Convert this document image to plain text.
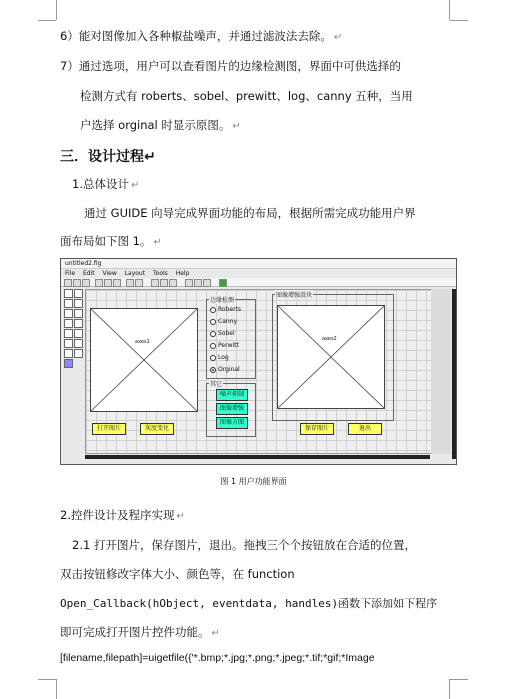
6）能对图像加入各种椒盐噪声，并通过滤波法去除。 ↵
7）通过选项，用户可以查看图片的边缘检测图，界面中可供选择的
检测方式有 roberts、sobel、prewitt、log、canny 五种，当用
户选择 orginal 时显示原图。 ↵
三．设计过程↵
1.总体设计 ↵
通过 GUIDE 向导完成界面功能的布局，根据所需完成功能用户界
面布局如下图 1。 ↵
untitled2.fig
File Edit View Layout Tools Help
axes1
边缘检测
Roberts
Canny
Sobel
Perwitt
Log
Orginal
其它
噪声抑制
图像增强
图像方图
图像增强滑块
axes2
打开图片	灰度变化	保存图片	退出
图 1 用户功能界面
2.控件设计及程序实现 ↵
2.1 打开图片，保存图片，退出。拖拽三个个按钮放在合适的位置，
双击按钮修改字体大小、颜色等，在 function
Open_Callback(hObject, eventdata, handles)函数下添加如下程序
即可完成打开图片控件功能。 ↵
[filename,filepath]=uigetfile({'*.bmp;*.jpg;*.png;*.jpeg;*.tif;*gif;*Image
